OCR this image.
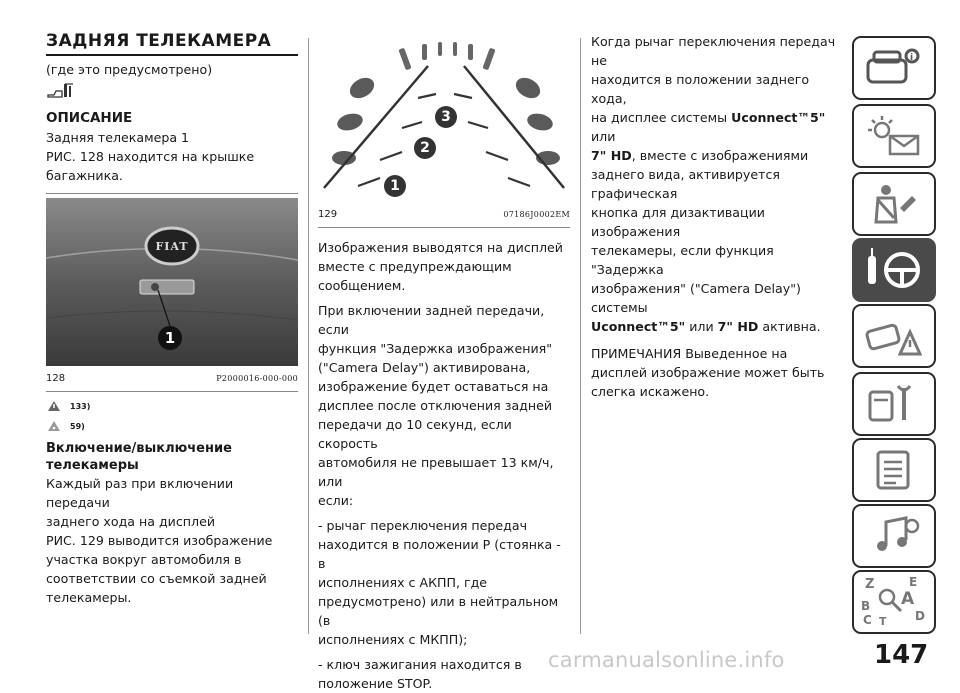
ЗАДНЯЯ ТЕЛЕКАМЕРА

(где это предусмотрено)

ОПИСАНИЕ

Задняя телекамера 1

РИС. 128 находится на крышке

багажника.

FIAT
1
128	P2000016-000-000
133)
59)
Включение/выключение
телекамеры

Каждый раз при включении передачи

заднего хода на дисплей

РИС. 129 выводится изображение

участка вокруг автомобиля в

соответствии со съемкой задней

телекамеры.

1
2
3
129	07186J0002EM

Изображения выводятся на дисплей

вместе с предупреждающим

сообщением.

При включении задней передачи, если

функция "Задержка изображения"

("Camera Delay") активирована,

изображение будет оставаться на

дисплее после отключения задней

передачи до 10 секунд, если скорость

автомобиля не превышает 13 км/ч, или

если:

- рычаг переключения передач

находится в положении P (стоянка - в

исполнениях с АКПП, где

предусмотрено) или в нейтральном (в

исполнениях с МКПП);

- ключ зажигания находится в

положение STOP.

Когда рычаг переключения передач не

находится в положении заднего хода,

на дисплее системы Uconnect™5" или

7" HD, вместе с изображениями

заднего вида, активируется графическая

кнопка для дизактивации изображения

телекамеры, если функция "Задержка

изображения" ("Camera Delay") системы

Uconnect™5" или 7" HD активна.

ПРИМЕЧАНИЯ Выведенное на

дисплей изображение может быть

слегка искажено.

i
Z	E
B A
C T D
147
carmanualsonline.info
